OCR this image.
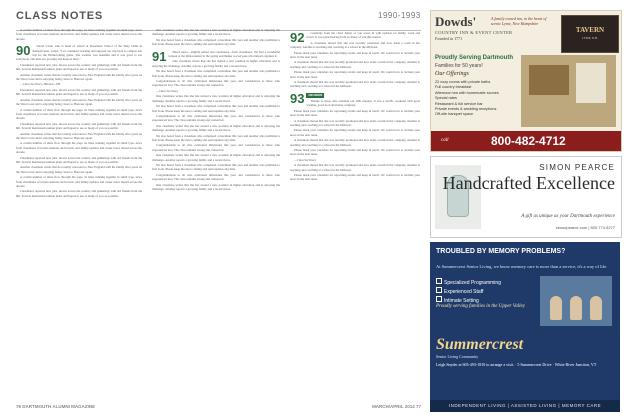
CLASS NOTES	1990-1993

A certain number of ideas flow through the page, its lines running together in small type, news from classmates of recent reunions and travels, and family updates and career notes shared across the decade.

90	David Clark, who is head of school at Rosemont School of the Holy Child in Pennsylvania, writes: "I've continued working and enjoyed our trip back to campus last fall for the Homecoming game. The weather was beautiful and it was great to see everybody. Our kids are growing and keep us busy."

Classmates reported new jobs, moves across the country and gatherings with old friends from the hill. Several mentioned reunion plans and hoped to see as many of you as possible.

Another classmate writes that he recently relocated to New England with his family after years on the West Coast and is enjoying being closer to Hanover again.

—Class Secretary, Hanover, NH

Classmates reported new jobs, moves across the country and gatherings with old friends from the hill. Several mentioned reunion plans and hoped to see as many of you as possible.

Another classmate writes that he recently relocated to New England with his family after years on the West Coast and is enjoying being closer to Hanover again.

A certain number of ideas flow through the page, its lines running together in small type, news from classmates of recent reunions and travels, and family updates and career notes shared across the decade.

Classmates reported new jobs, moves across the country and gatherings with old friends from the hill. Several mentioned reunion plans and hoped to see as many of you as possible.

Another classmate writes that he recently relocated to New England with his family after years on the West Coast and is enjoying being closer to Hanover again.

A certain number of ideas flow through the page, its lines running together in small type, news from classmates of recent reunions and travels, and family updates and career notes shared across the decade.

Classmates reported new jobs, moves across the country and gatherings with old friends from the hill. Several mentioned reunion plans and hoped to see as many of you as possible.

Another classmate writes that he recently relocated to New England with his family after years on the West Coast and is enjoying being closer to Hanover again.

A certain number of ideas flow through the page, its lines running together in small type, news from classmates of recent reunions and travels, and family updates and career notes shared across the decade.

Classmates reported new jobs, moves across the country and gatherings with old friends from the hill. Several mentioned reunion plans and hoped to see as many of you as possible.

One classmate writes that she has started a new position in higher education and is enjoying the challenge. Another reports a growing family and a recent move.

We also heard from a classmate who completed a marathon this year and another who published a first book. Please keep the news coming and send updates any time.

91	Here's news—slightly edited and condensed—from classmates. We had a wonderful turnout at the mini-reunion in the spring and thanks to everyone who helped organize it.

One classmate writes that she has started a new position in higher education and is enjoying the challenge. Another reports a growing family and a recent move.

We also heard from a classmate who completed a marathon this year and another who published a first book. Please keep the news coming and send updates any time.

Congratulations to all who celebrated milestones this year, and condolences to those who experienced loss. The class remains strong and connected.

—Class Secretary

One classmate writes that she has started a new position in higher education and is enjoying the challenge. Another reports a growing family and a recent move.

We also heard from a classmate who completed a marathon this year and another who published a first book. Please keep the news coming and send updates any time.

Congratulations to all who celebrated milestones this year, and condolences to those who experienced loss. The class remains strong and connected.

One classmate writes that she has started a new position in higher education and is enjoying the challenge. Another reports a growing family and a recent move.

We also heard from a classmate who completed a marathon this year and another who published a first book. Please keep the news coming and send updates any time.

Congratulations to all who celebrated milestones this year, and condolences to those who experienced loss. The class remains strong and connected.

One classmate writes that she has started a new position in higher education and is enjoying the challenge. Another reports a growing family and a recent move.

We also heard from a classmate who completed a marathon this year and another who published a first book. Please keep the news coming and send updates any time.

Congratulations to all who celebrated milestones this year, and condolences to those who experienced loss. The class remains strong and connected.

One classmate writes that she has started a new position in higher education and is enjoying the challenge. Another reports a growing family and a recent move.

92	Greetings from the class! Many of you wrote in with updates on family, work and travel. It was great hearing from so many of you this season.

A classmate shared that she was recently promoted and now leads a team in her company. Another is teaching and coaching at a school in the Midwest.

Please mark your calendars for upcoming events and keep in touch. We would love to include your news in the next issue.

A classmate shared that she was recently promoted and now leads a team in her company. Another is teaching and coaching at a school in the Midwest.

Please mark your calendars for upcoming events and keep in touch. We would love to include your news in the next issue.

A classmate shared that she was recently promoted and now leads a team in her company. Another is teaching and coaching at a school in the Midwest.

REUNION
93	Thanks to those who attended our 20th reunion. It was a terrific weekend with great weather, good food and better company.

Please mark your calendars for upcoming events and keep in touch. We would love to include your news in the next issue.

A classmate shared that she was recently promoted and now leads a team in her company. Another is teaching and coaching at a school in the Midwest.

Please mark your calendars for upcoming events and keep in touch. We would love to include your news in the next issue.

A classmate shared that she was recently promoted and now leads a team in her company. Another is teaching and coaching at a school in the Midwest.

Please mark your calendars for upcoming events and keep in touch. We would love to include your news in the next issue.

—Class Secretary

A classmate shared that she was recently promoted and now leads a team in her company. Another is teaching and coaching at a school in the Midwest.

Please mark your calendars for upcoming events and keep in touch. We would love to include your news in the next issue.

76 DARTMOUTH ALUMNI MAGAZINE	MARCH/APRIL 2014 77
Dowds'
COUNTRY INN & EVENT CENTER
Founded in 1771
A family owned inn, in the heart of scenic Lyme, New Hampshire
TAVERN
LYME, N.H.
Proudly Serving Dartmouth
Families for 50 years!
Our Offerings
22 cozy rooms with private baths
Full country breakfast
Afternoon tea with homemade scones
Special rates
Restaurant & full service bar
Private events & wedding receptions
Off-site banquet space
call	800-482-4712
SIMON PEARCE
Handcrafted Excellence
A gift as unique as your Dartmouth experience
simonpearce.com | 800.774.5277
TROUBLED BY MEMORY PROBLEMS?
At Summercrest Senior Living, we know memory care is more than a service, it's a way of life.
Specialized Programming
Experienced Staff
Intimate Setting
Proudly serving families in the Upper Valley
Summercrest
Senior Living Community
Leigh Snyder at 603-493-1810 to arrange a visit. · 5 Summercrest Drive · White River Junction, VT
INDEPENDENT LIVING | ASSISTED LIVING | MEMORY CARE
